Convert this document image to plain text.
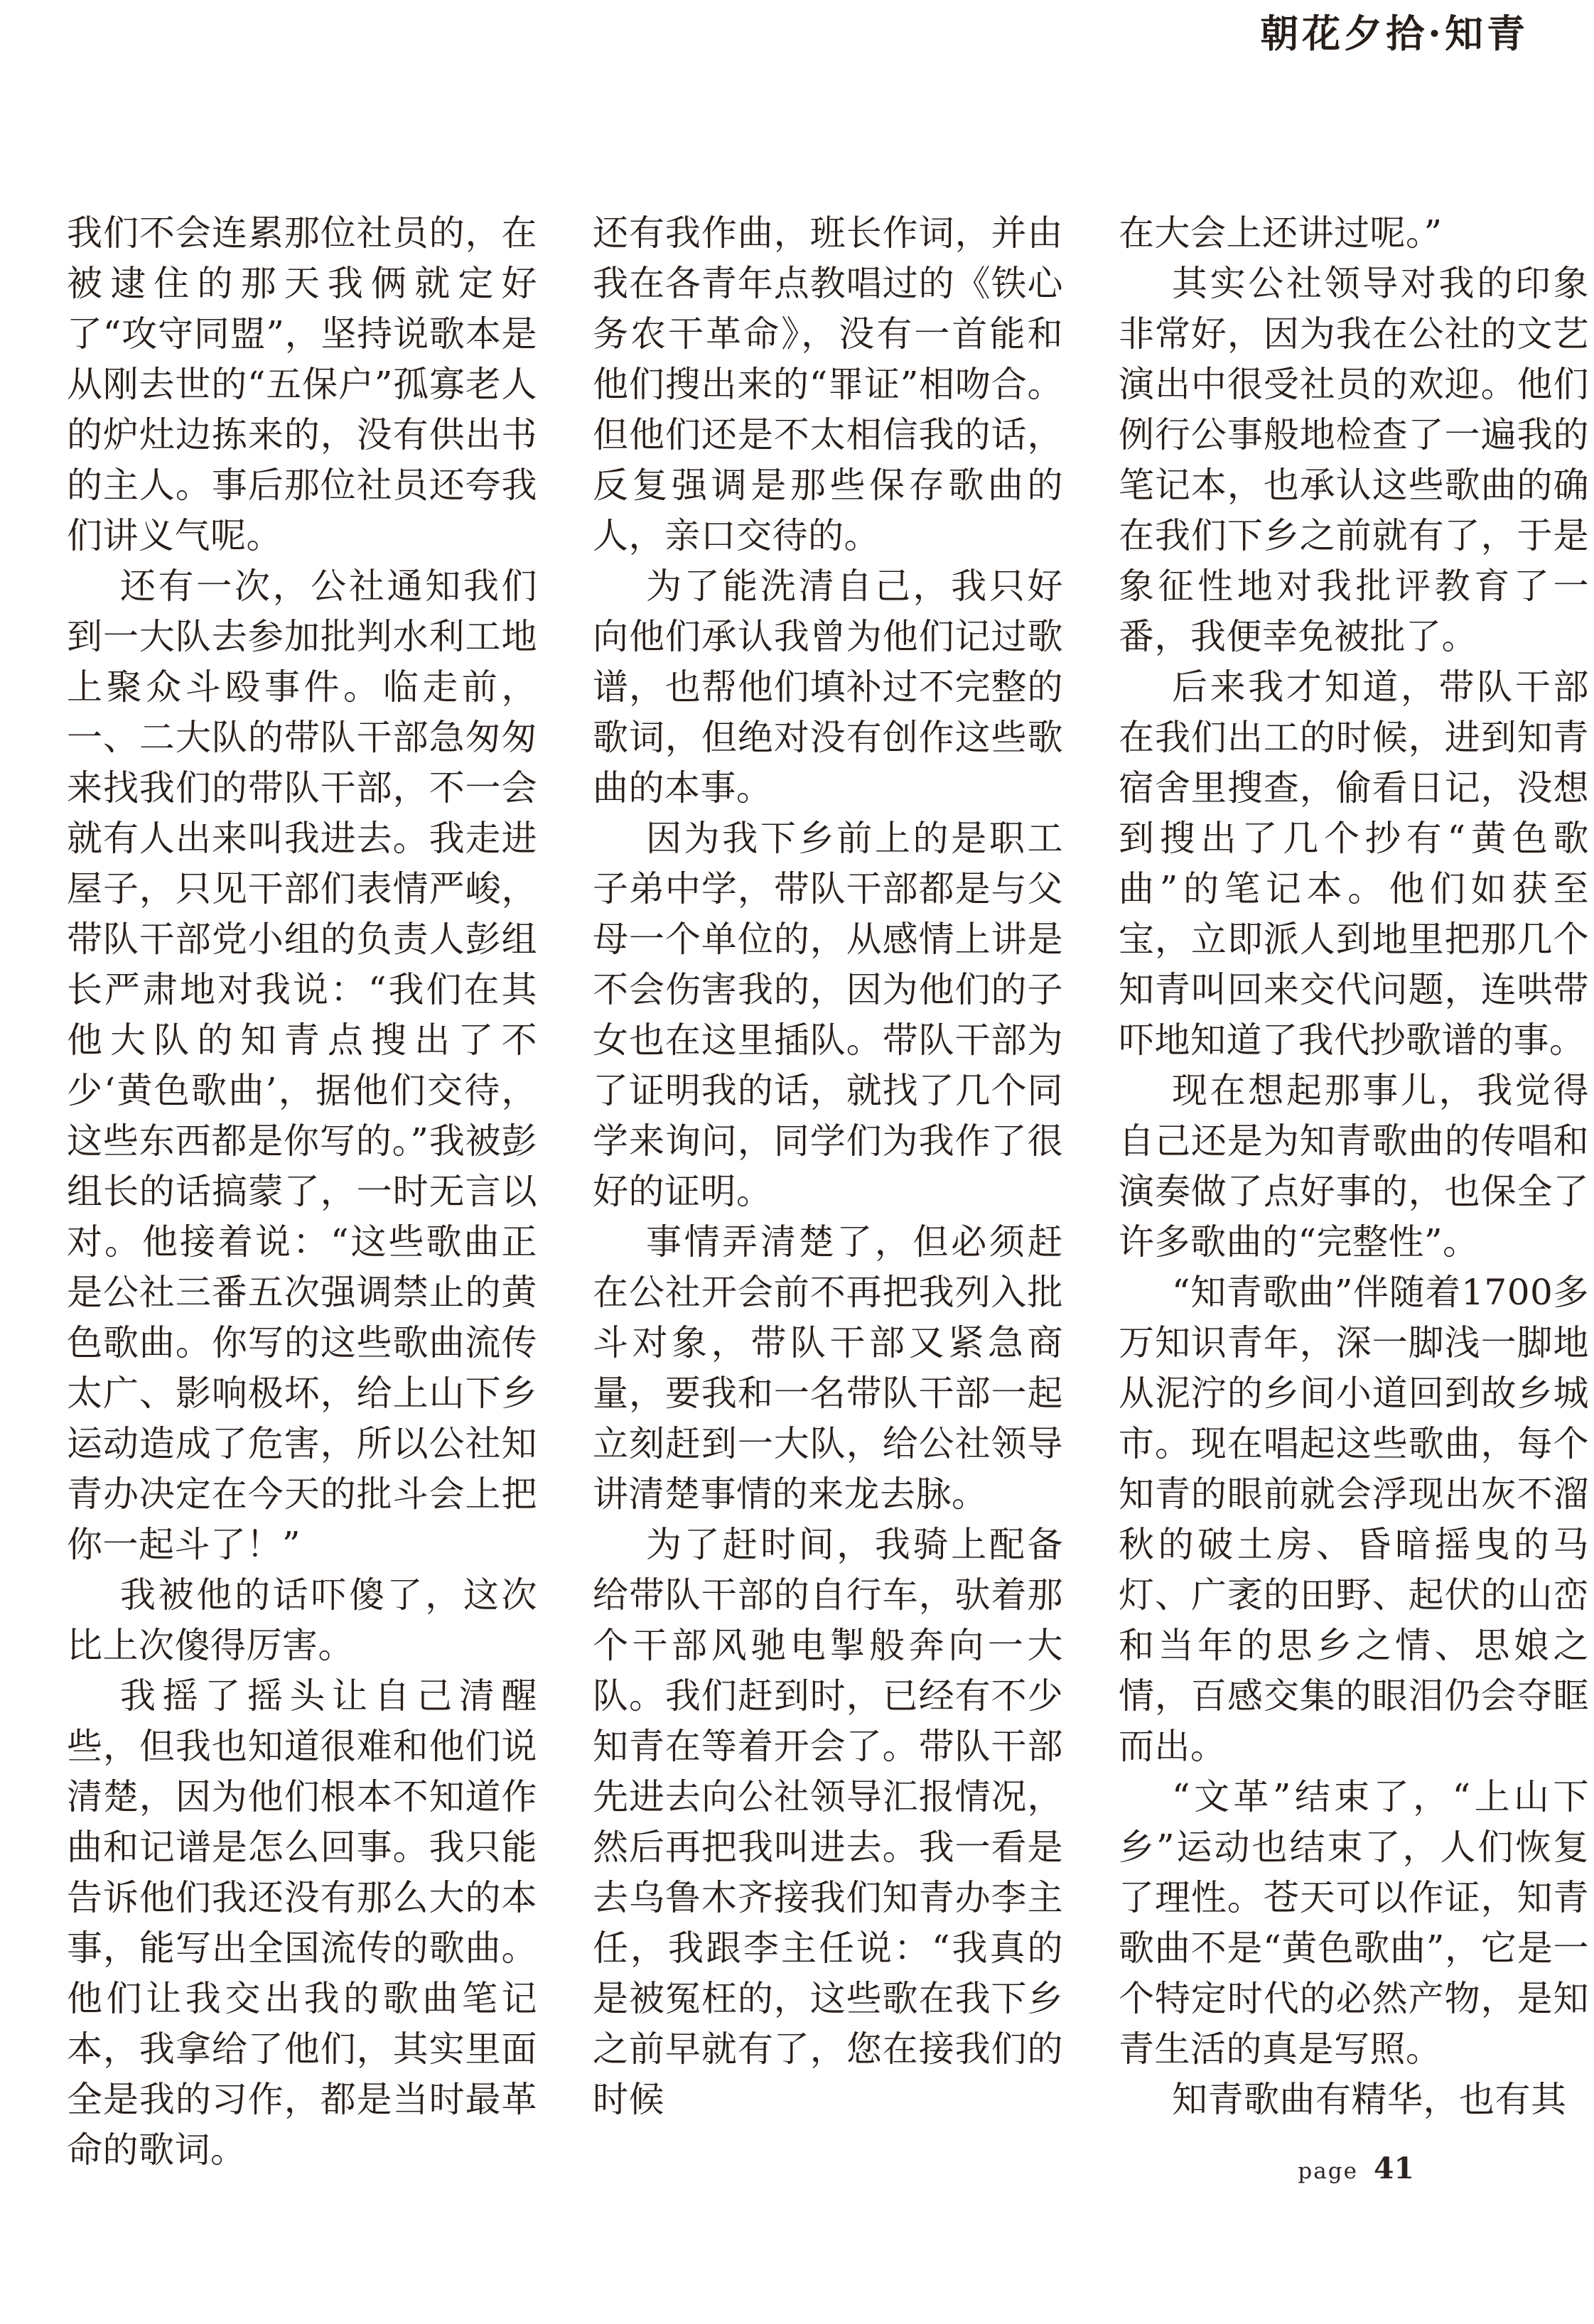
朝花夕拾·知青

我们不会连累那位社员的，在被逮住的那天我俩就定好了“攻守同盟”，坚持说歌本是从刚去世的“五保户”孤寡老人的炉灶边拣来的，没有供出书的主人。事后那位社员还夸我们讲义气呢。

还有一次，公社通知我们到一大队去参加批判水利工地上聚众斗殴事件。临走前，一、二大队的带队干部急匆匆来找我们的带队干部，不一会就有人出来叫我进去。我走进屋子，只见干部们表情严峻，带队干部党小组的负责人彭组长严肃地对我说：“我们在其他大队的知青点搜出了不少‘黄色歌曲’，据他们交待，这些东西都是你写的。”我被彭组长的话搞蒙了，一时无言以对。他接着说：“这些歌曲正是公社三番五次强调禁止的黄色歌曲。你写的这些歌曲流传太广、影响极坏，给上山下乡运动造成了危害，所以公社知青办决定在今天的批斗会上把你一起斗了！”

我被他的话吓傻了，这次比上次傻得厉害。

我摇了摇头让自己清醒些，但我也知道很难和他们说清楚，因为他们根本不知道作曲和记谱是怎么回事。我只能告诉他们我还没有那么大的本事，能写出全国流传的歌曲。他们让我交出我的歌曲笔记本，我拿给了他们，其实里面全是我的习作，都是当时最革命的歌词。

还有我作曲，班长作词，并由我在各青年点教唱过的《铁心务农干革命》，没有一首能和他们搜出来的“罪证”相吻合。但他们还是不太相信我的话，反复强调是那些保存歌曲的人，亲口交待的。

为了能洗清自己，我只好向他们承认我曾为他们记过歌谱，也帮他们填补过不完整的歌词，但绝对没有创作这些歌曲的本事。

因为我下乡前上的是职工子弟中学，带队干部都是与父母一个单位的，从感情上讲是不会伤害我的，因为他们的子女也在这里插队。带队干部为了证明我的话，就找了几个同学来询问，同学们为我作了很好的证明。

事情弄清楚了，但必须赶在公社开会前不再把我列入批斗对象，带队干部又紧急商量，要我和一名带队干部一起立刻赶到一大队，给公社领导讲清楚事情的来龙去脉。

为了赶时间，我骑上配备给带队干部的自行车，驮着那个干部风驰电掣般奔向一大队。我们赶到时，已经有不少知青在等着开会了。带队干部先进去向公社领导汇报情况，然后再把我叫进去。我一看是去乌鲁木齐接我们知青办李主任，我跟李主任说：“我真的是被冤枉的，这些歌在我下乡之前早就有了，您在接我们的时候

在大会上还讲过呢。”

其实公社领导对我的印象非常好，因为我在公社的文艺演出中很受社员的欢迎。他们例行公事般地检查了一遍我的笔记本，也承认这些歌曲的确在我们下乡之前就有了，于是象征性地对我批评教育了一番，我便幸免被批了。

后来我才知道，带队干部在我们出工的时候，进到知青宿舍里搜查，偷看日记，没想到搜出了几个抄有“黄色歌曲”的笔记本。他们如获至宝，立即派人到地里把那几个知青叫回来交代问题，连哄带吓地知道了我代抄歌谱的事。

现在想起那事儿，我觉得自己还是为知青歌曲的传唱和演奏做了点好事的，也保全了许多歌曲的“完整性”。

“知青歌曲”伴随着1700多万知识青年，深一脚浅一脚地从泥泞的乡间小道回到故乡城市。现在唱起这些歌曲，每个知青的眼前就会浮现出灰不溜秋的破土房、昏暗摇曳的马灯、广袤的田野、起伏的山峦和当年的思乡之情、思娘之情，百感交集的眼泪仍会夺眶而出。

“文革”结束了，“上山下乡”运动也结束了，人们恢复了理性。苍天可以作证，知青歌曲不是“黄色歌曲”，它是一个特定时代的必然产物，是知青生活的真是写照。

知青歌曲有精华，也有其

page 41
